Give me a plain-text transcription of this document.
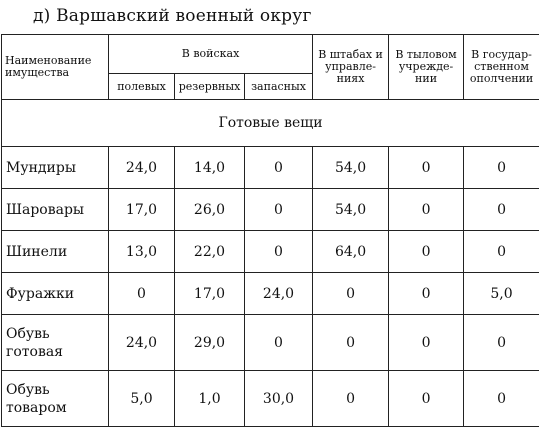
д) Варшавский военный округ
Наименование имущества	В войсках			В штабах и управле-ниях	В тыловом учрежде-нии	В государ-ственном ополчении
	полевых	резервных	запасных			
Готовые вещи						
Мундиры	24,0	14,0	0	54,0	0	0
Шаровары	17,0	26,0	0	54,0	0	0
Шинели	13,0	22,0	0	64,0	0	0
Фуражки	0	17,0	24,0	0	0	5,0
Обувь готовая	24,0	29,0	0	0	0	0
Обувь товаром	5,0	1,0	30,0	0	0	0
